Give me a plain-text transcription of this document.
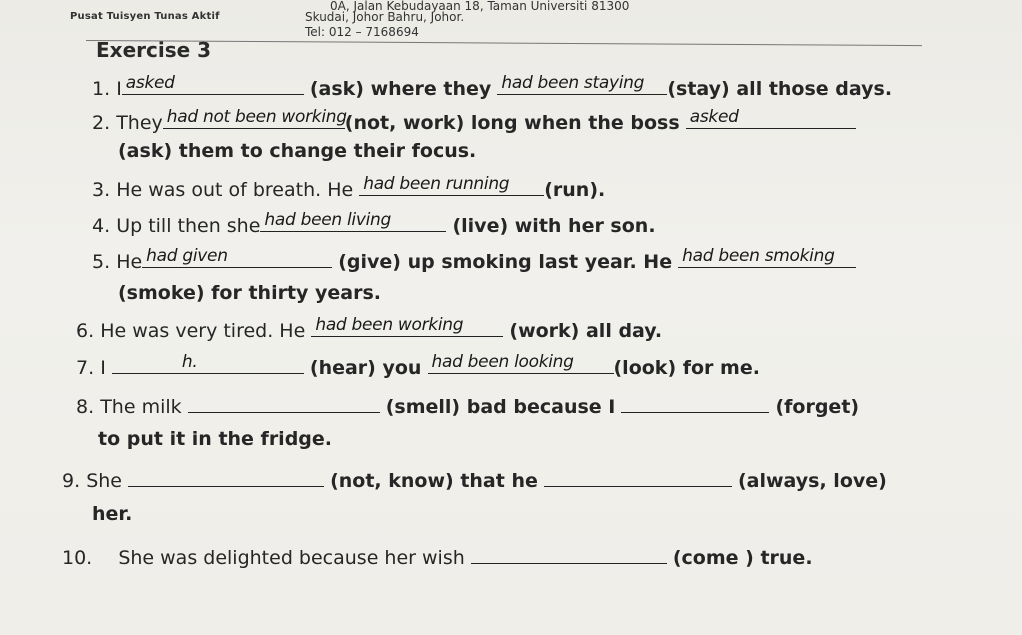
0A, Jalan Kebudayaan 18, Taman Universiti 81300
Pusat Tuisyen Tunas Aktif	Skudai, Johor Bahru, Johor.
Tel: 012 – 7168694
Exercise 3
1. I asked	(ask) where they had been staying (stay) all those days.
2. They had not been working
(not, work) long when the boss asked
(ask) them to change their focus.
3. He was out of breath. He had been running (run).
4. Up till then she had been living	(live) with her son.
5. He had given	(give) up smoking last year. He had been smoking
(smoke) for thirty years.
6. He was very tired. He had been working (work) all day.
7. I	h.	(hear) you had been looking (look) for me.
8. The milk	(smell) bad because I	(forget)
to put it in the fridge.
9. She	(not, know) that he	(always, love)
her.
10. She was delighted because her wish	(come ) true.
